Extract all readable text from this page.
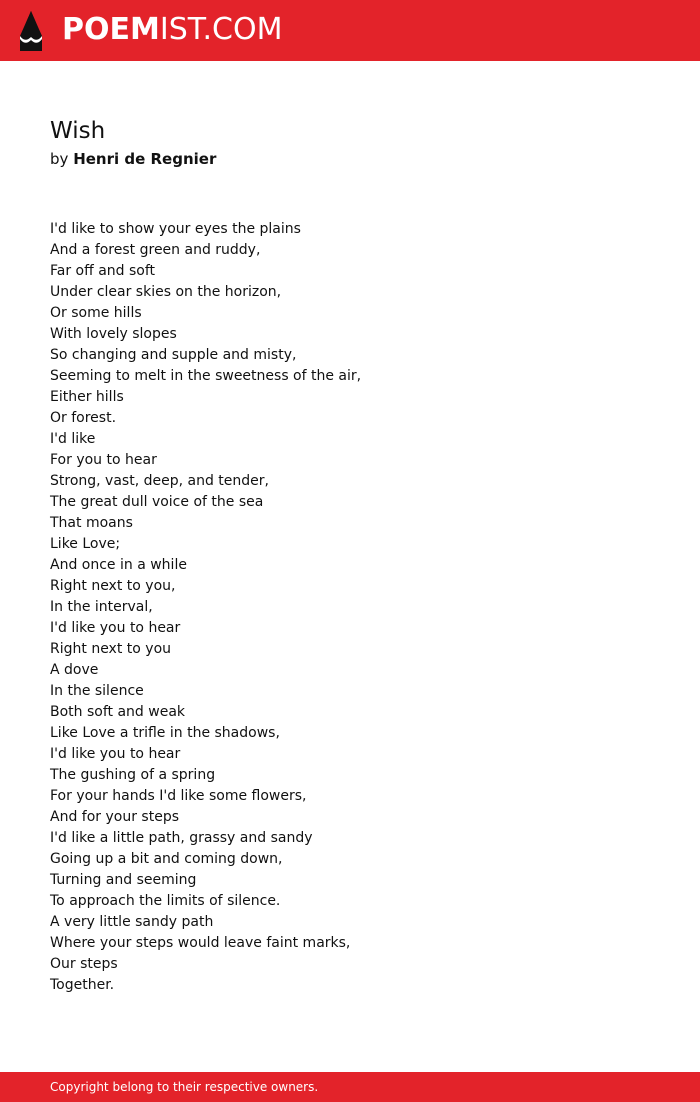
POEMIST.COM
Wish
by Henri de Regnier
I'd like to show your eyes the plains
And a forest green and ruddy,
Far off and soft
Under clear skies on the horizon,
Or some hills
With lovely slopes
So changing and supple and misty,
Seeming to melt in the sweetness of the air,
Either hills
Or forest.
I'd like
For you to hear
Strong, vast, deep, and tender,
The great dull voice of the sea
That moans
Like Love;
And once in a while
Right next to you,
In the interval,
I'd like you to hear
Right next to you
A dove
In the silence
Both soft and weak
Like Love a trifle in the shadows,
I'd like you to hear
The gushing of a spring
For your hands I'd like some flowers,
And for your steps
I'd like a little path, grassy and sandy
Going up a bit and coming down,
Turning and seeming
To approach the limits of silence.
A very little sandy path
Where your steps would leave faint marks,
Our steps
Together.
Copyright belong to their respective owners.
